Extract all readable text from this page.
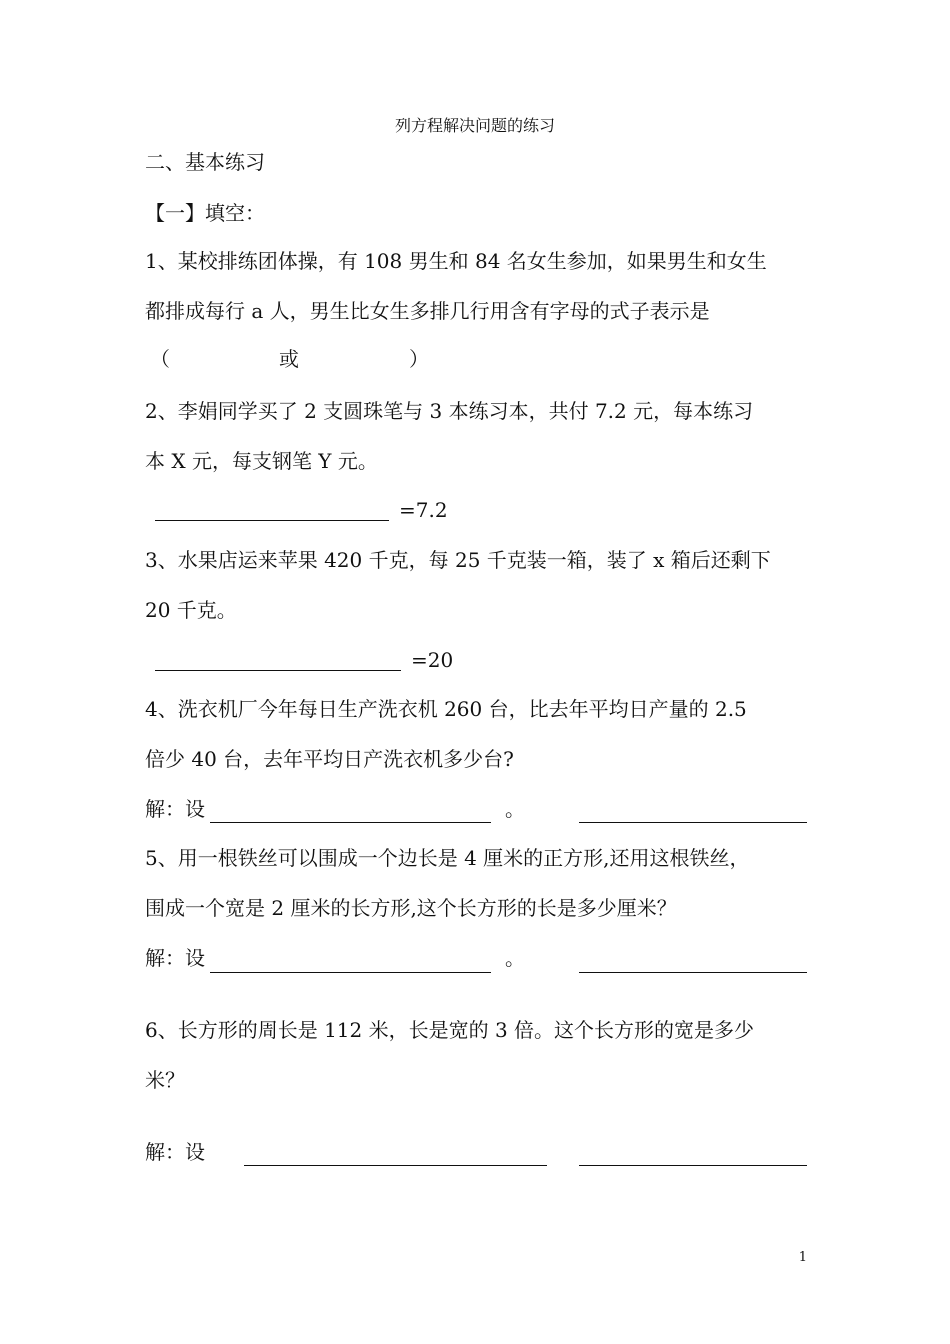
列方程解决问题的练习
二、基本练习
【一】填空：
1、某校排练团体操，有 108 男生和 84 名女生参加，如果男生和女生
都排成每行 a 人，男生比女生多排几行用含有字母的式子表示是
（	或	）
2、李娟同学买了 2 支圆珠笔与 3 本练习本，共付 7.2 元，每本练习
本 X 元，每支钢笔 Y 元。
=7.2
3、水果店运来苹果 420 千克，每 25 千克装一箱，装了 x 箱后还剩下
20 千克。
=20
4、洗衣机厂今年每日生产洗衣机 260 台，比去年平均日产量的 2.5
倍少 40 台，去年平均日产洗衣机多少台?
解：设	。
5、用一根铁丝可以围成一个边长是 4 厘米的正方形,还用这根铁丝，
围成一个宽是 2 厘米的长方形,这个长方形的长是多少厘米？
解：设	。
6、长方形的周长是 112 米，长是宽的 3 倍。这个长方形的宽是多少
米？
解：设
1
